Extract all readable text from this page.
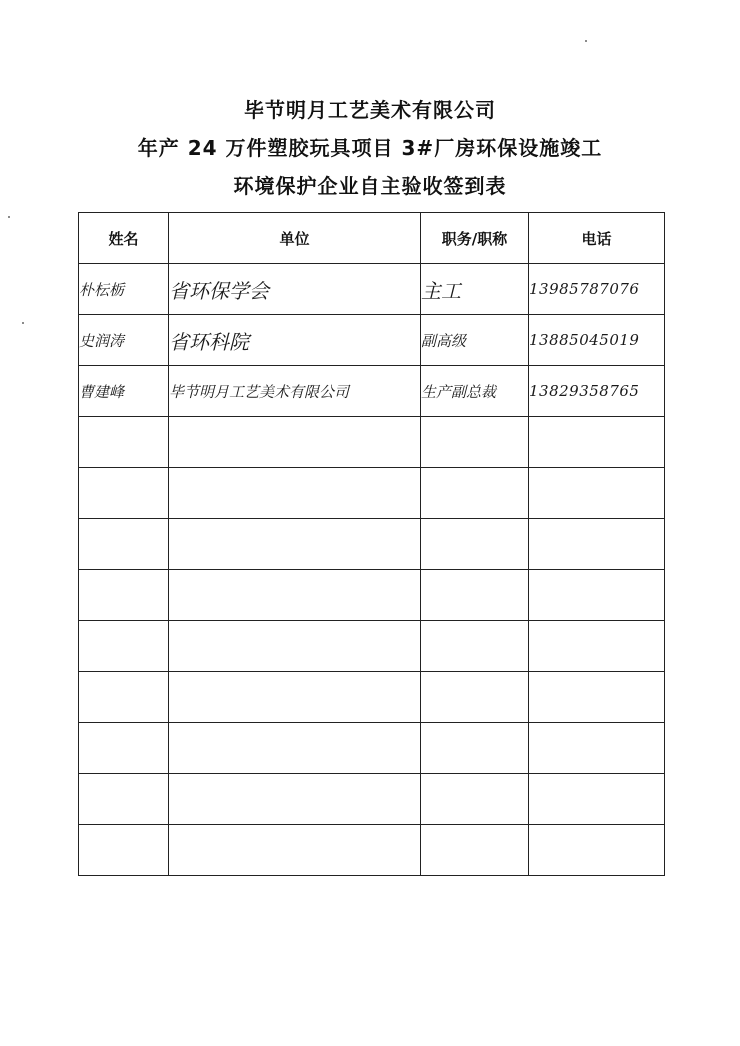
毕节明月工艺美术有限公司
年产 24 万件塑胶玩具项目 3#厂房环保设施竣工
环境保护企业自主验收签到表
姓名	单位	职务/职称	电话
朴枟栃	省环保学会	主工	13985787076
史润涛	省环科院	副高级	13885045019
曹建峰	毕节明月工艺美术有限公司	生产副总裁	13829358765
